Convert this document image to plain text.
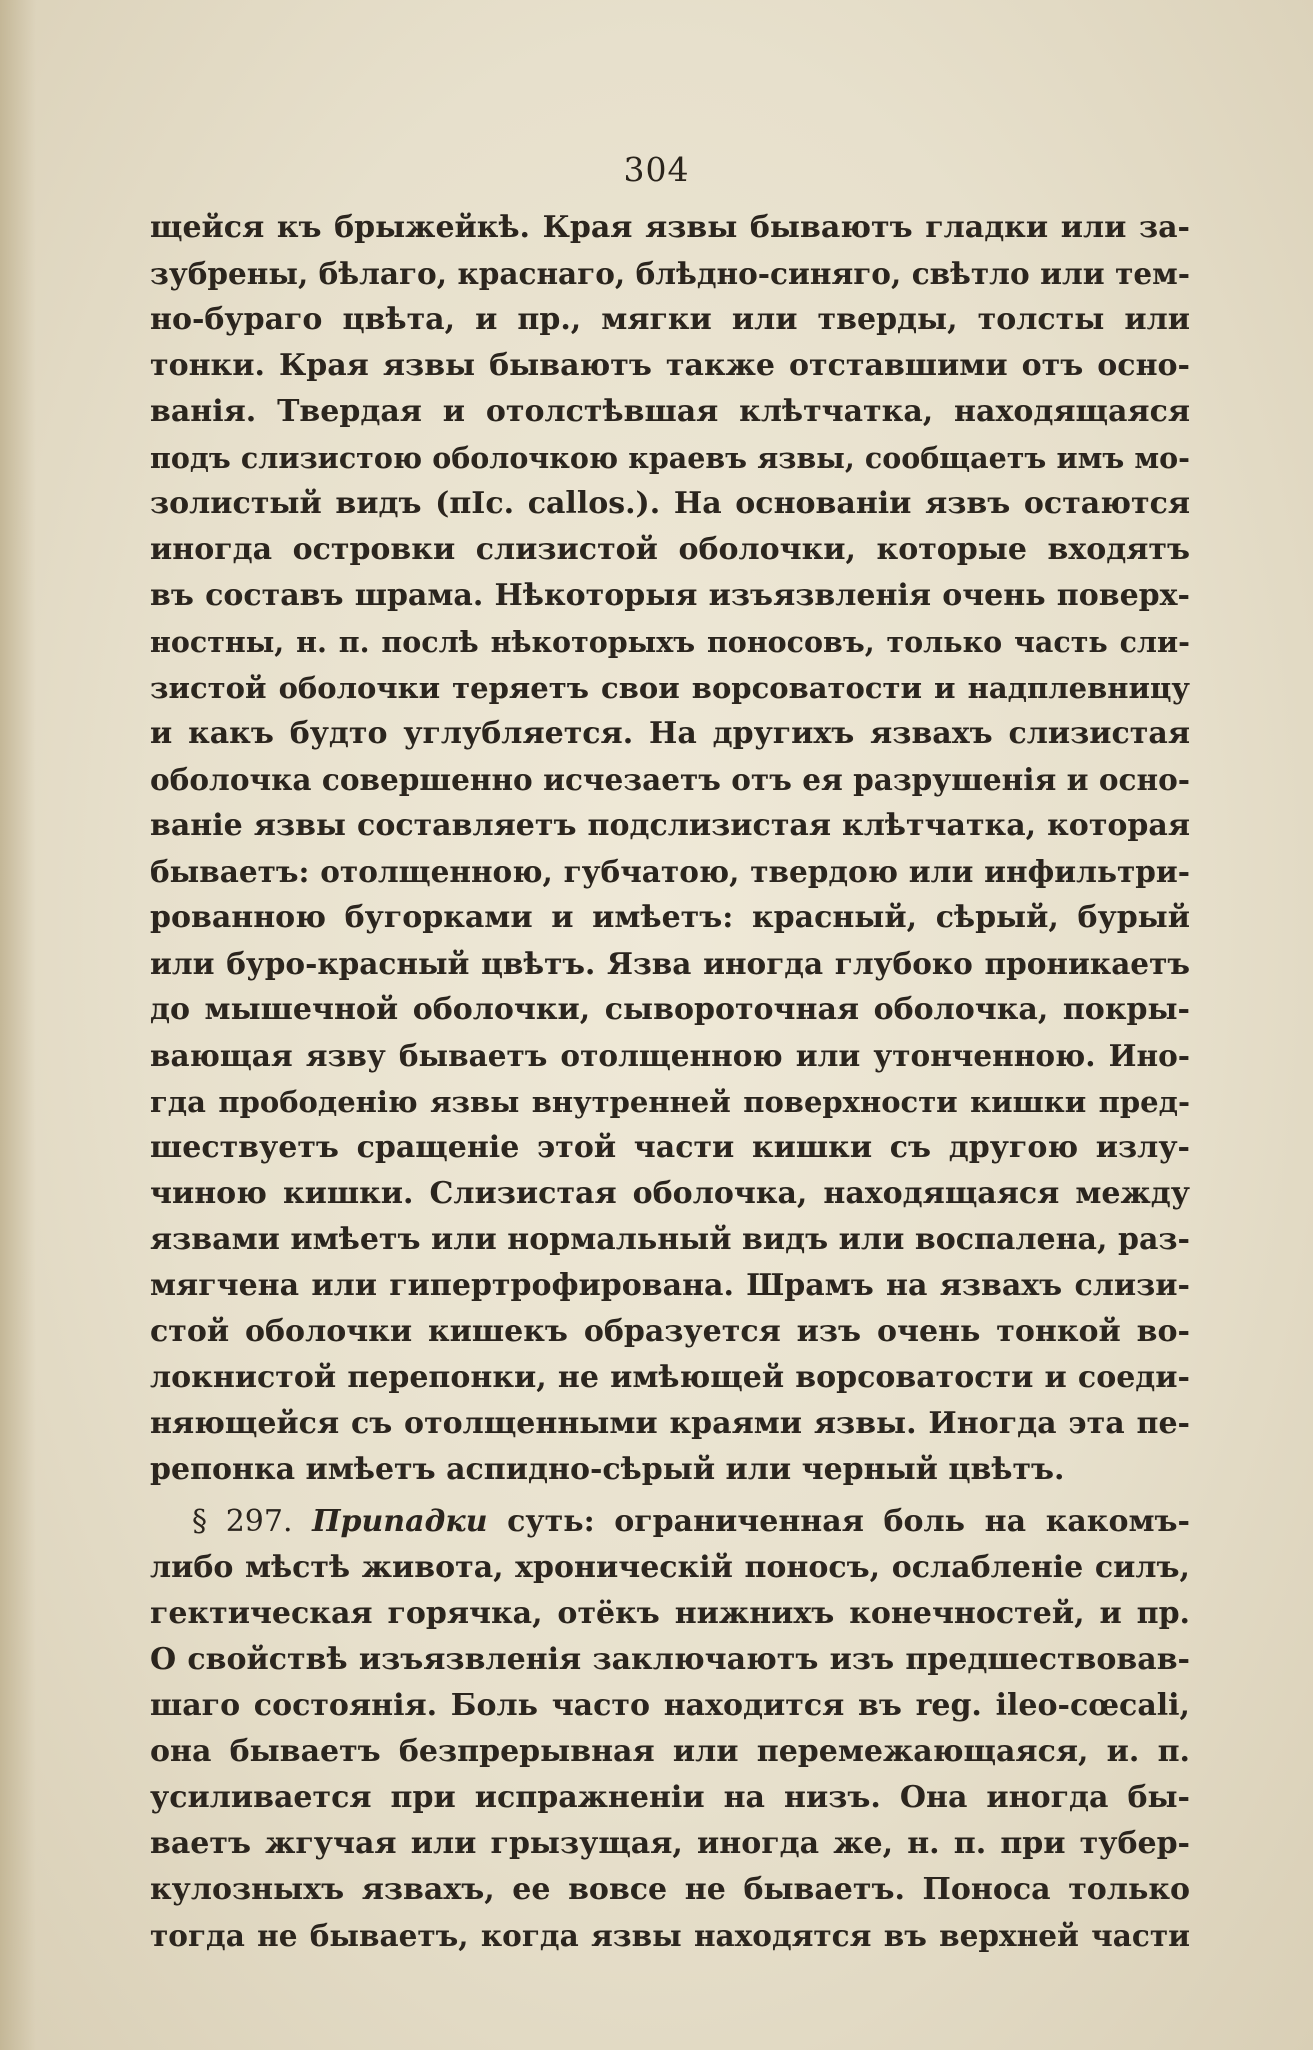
304
щейся къ брыжейкѣ. Края язвы бываютъ гладки или за-
зубрены, бѣлаго, краснаго, блѣдно-синяго, свѣтло или тем-
но-бураго цвѣта, и пр., мягки или тверды, толсты или
тонки. Края язвы бываютъ также отставшими отъ осно-
ванія. Твердая и отолстѣвшая клѣтчатка, находящаяся
подъ слизистою оболочкою краевъ язвы, сообщаетъ имъ мо-
золистый видъ (пІс. callos.). На основаніи язвъ остаются
иногда островки слизистой оболочки, которые входятъ
въ составъ шрама. Нѣкоторыя изъязвленія очень поверх-
ностны, н. п. послѣ нѣкоторыхъ поносовъ, только часть сли-
зистой оболочки теряетъ свои ворсоватости и надплевницу
и какъ будто углубляется. На другихъ язвахъ слизистая
оболочка совершенно исчезаетъ отъ ея разрушенія и осно-
ваніе язвы составляетъ подслизистая клѣтчатка, которая
бываетъ: отолщенною, губчатою, твердою или инфильтри-
рованною бугорками и имѣетъ: красный, сѣрый, бурый
или буро-красный цвѣтъ. Язва иногда глубоко проникаетъ
до мышечной оболочки, сывороточная оболочка, покры-
вающая язву бываетъ отолщенною или утонченною. Ино-
гда прободенію язвы внутренней поверхности кишки пред-
шествуетъ сращеніе этой части кишки съ другою излу-
чиною кишки. Слизистая оболочка, находящаяся между
язвами имѣетъ или нормальный видъ или воспалена, раз-
мягчена или гипертрофирована. Шрамъ на язвахъ слизи-
стой оболочки кишекъ образуется изъ очень тонкой во-
локнистой перепонки, не имѣющей ворсоватости и соеди-
няющейся съ отолщенными краями язвы. Иногда эта пе-
репонка имѣетъ аспидно-сѣрый или черный цвѣтъ.
§ 297. Припадки суть: ограниченная боль на какомъ-
либо мѣстѣ живота, хроническій поносъ, ослабленіе силъ,
гектическая горячка, отёкъ нижнихъ конечностей, и пр.
О свойствѣ изъязвленія заключаютъ изъ предшествовав-
шаго состоянія. Боль часто находится въ reg. ileo-cœcali,
она бываетъ безпрерывная или перемежающаяся, и. п.
усиливается при испражненіи на низъ. Она иногда бы-
ваетъ жгучая или грызущая, иногда же, н. п. при тубер-
кулозныхъ язвахъ, ее вовсе не бываетъ. Поноса только
тогда не бываетъ, когда язвы находятся въ верхней части
